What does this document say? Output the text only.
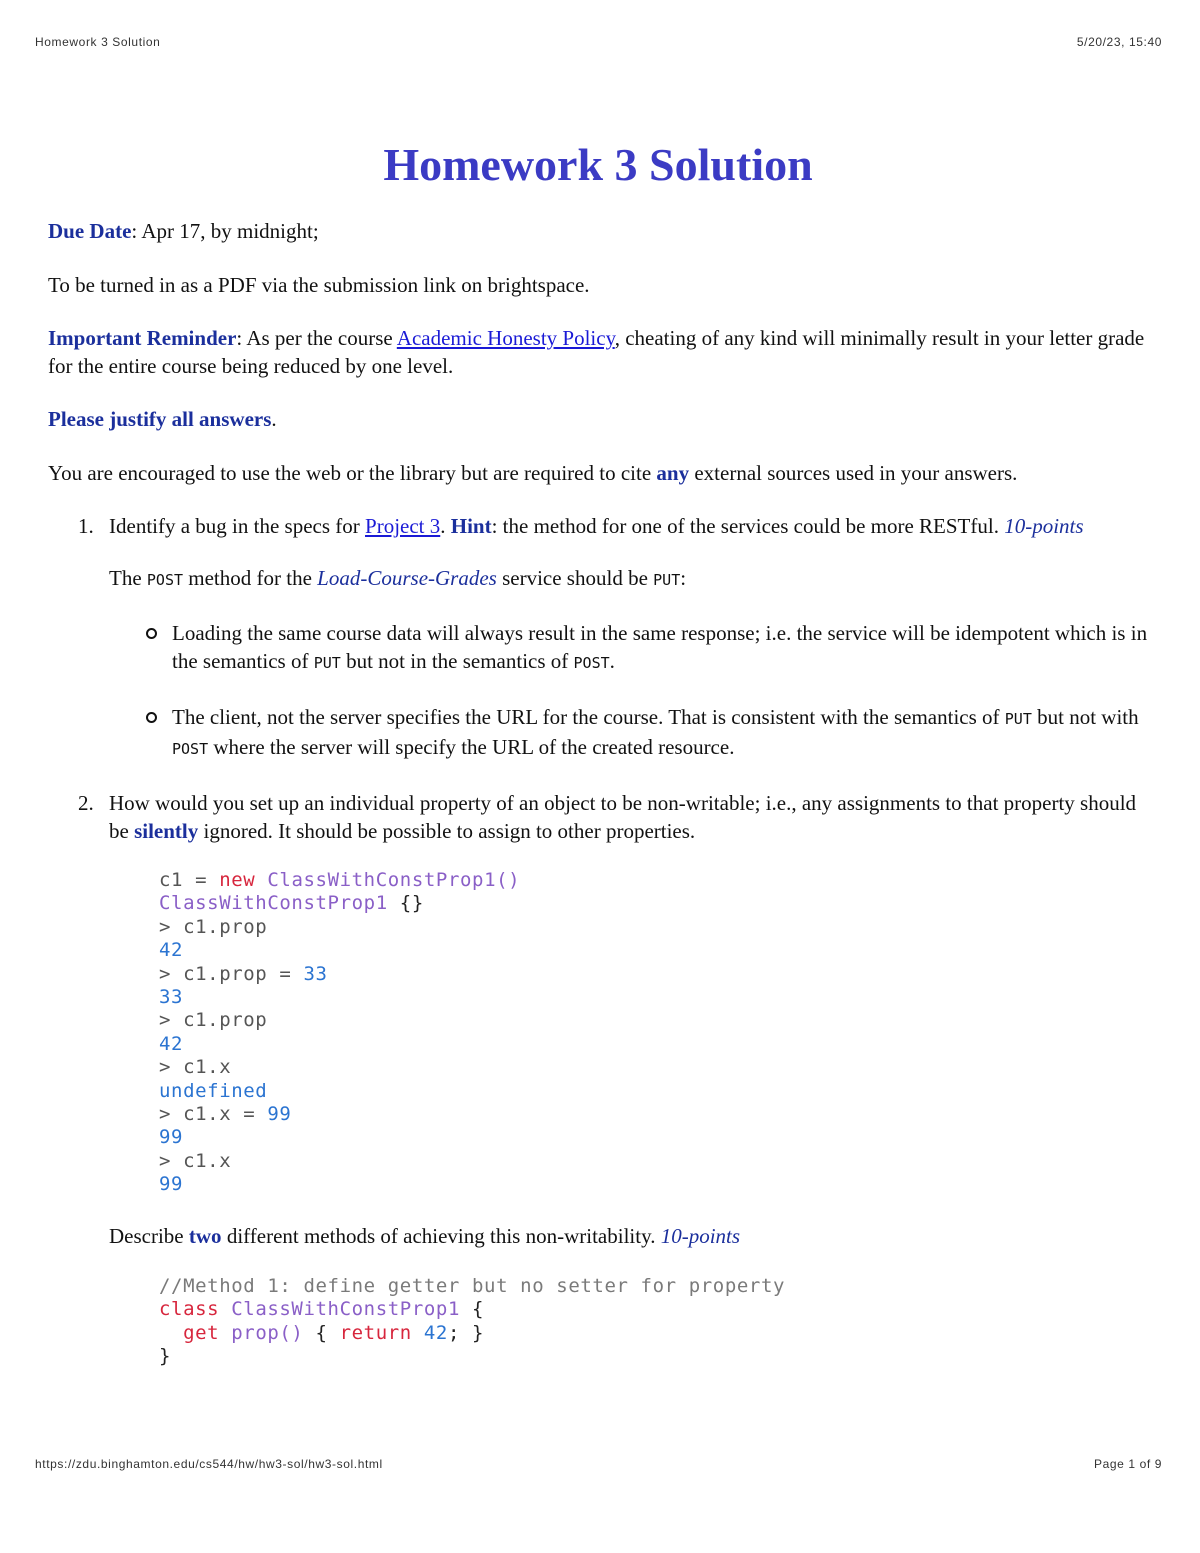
Homework 3 Solution	5/20/23, 15:40
Homework 3 Solution

Due Date: Apr 17, by midnight;

To be turned in as a PDF via the submission link on brightspace.

Important Reminder: As per the course Academic Honesty Policy, cheating of any kind will minimally result in your letter grade for the entire course being reduced by one level.

Please justify all answers.

You are encouraged to use the web or the library but are required to cite any external sources used in your answers.

1. Identify a bug in the specs for Project 3. Hint: the method for one of the services could be more RESTful. 10-points

The POST method for the Load-Course-Grades service should be PUT:

Loading the same course data will always result in the same response; i.e. the service will be idempotent which is in the semantics of PUT but not in the semantics of POST.
The client, not the server specifies the URL for the course. That is consistent with the semantics of PUT but not with POST where the server will specify the URL of the created resource.
2. How would you set up an individual property of an object to be non-writable; i.e., any assignments to that property should be silently ignored. It should be possible to assign to other properties.

c1 = new ClassWithConstProp1()
ClassWithConstProp1 {}
> c1.prop
42
> c1.prop = 33
33
> c1.prop
42
> c1.x
undefined
> c1.x = 99
99
> c1.x
99

Describe two different methods of achieving this non-writability. 10-points

//Method 1: define getter but no setter for property
class ClassWithConstProp1 {
get prop() { return 42; }
}
https://zdu.binghamton.edu/cs544/hw/hw3-sol/hw3-sol.html	Page 1 of 9
